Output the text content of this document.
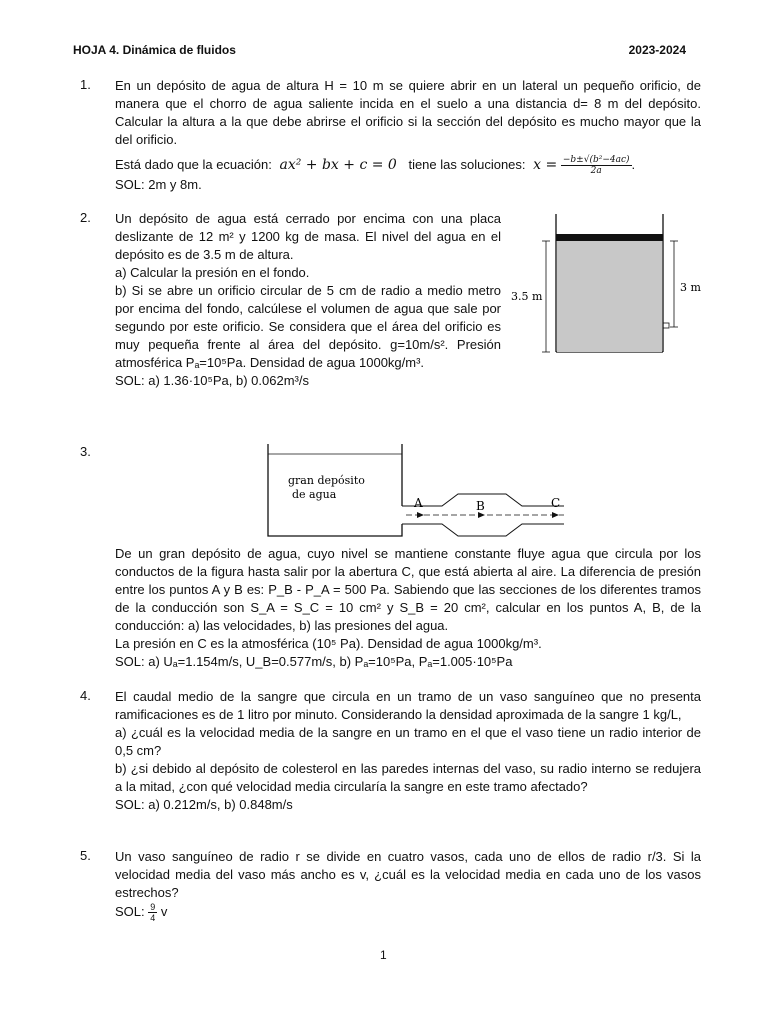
HOJA 4. Dinámica de fluidos	2023-2024
1. En un depósito de agua de altura H = 10 m se quiere abrir en un lateral un pequeño orificio, de manera que el chorro de agua saliente incida en el suelo a una distancia d= 8 m del depósito. Calcular la altura a la que debe abrirse el orificio si la sección del depósito es mucho mayor que la del orificio.
Está dado que la ecuación: ax² + bx + c = 0 tiene las soluciones: $x = \frac{\text{−b±√(b²−4ac)}}{2a}$ .
SOL: 2m y 8m.
2. Un depósito de agua está cerrado por encima con una placa deslizante de 12 m² y 1200 kg de masa. El nivel del agua en el depósito es de 3.5 m de altura.
a) Calcular la presión en el fondo.
b) Si se abre un orificio circular de 5 cm de radio a medio metro por encima del fondo, calcúlese el volumen de agua que sale por segundo por este orificio. Se considera que el área del orificio es muy pequeña frente al área del depósito. g=10m/s². Presión atmosférica Pₐ=10⁵Pa. Densidad de agua 1000kg/m³.
SOL: a) 1.36·10⁵Pa, b) 0.062m³/s
3.5 m
3 m
3.
gran depósito
de agua
A	B	C
De un gran depósito de agua, cuyo nivel se mantiene constante fluye agua que circula por los conductos de la figura hasta salir por la abertura C, que está abierta al aire. La diferencia de presión entre los puntos A y B es: P_B - P_A = 500 Pa. Sabiendo que las secciones de los diferentes tramos de la conducción son S_A = S_C = 10 cm² y S_B = 20 cm², calcular en los puntos A, B, de la conducción: a) las velocidades, b) las presiones del agua.
La presión en C es la atmosférica (10⁵ Pa). Densidad de agua 1000kg/m³.
SOL: a) Uₐ=1.154m/s, U_B=0.577m/s, b) Pₐ=10⁵Pa, Pₐ=1.005·10⁵Pa
4. El caudal medio de la sangre que circula en un tramo de un vaso sanguíneo que no presenta ramificaciones es de 1 litro por minuto. Considerando la densidad aproximada de la sangre 1 kg/L,
a) ¿cuál es la velocidad media de la sangre en un tramo en el que el vaso tiene un radio interior de 0,5 cm?
b) ¿si debido al depósito de colesterol en las paredes internas del vaso, su radio interno se redujera a la mitad, ¿con qué velocidad media circularía la sangre en este tramo afectado?
SOL: a) 0.212m/s, b) 0.848m/s
5. Un vaso sanguíneo de radio r se divide en cuatro vasos, cada uno de ellos de radio r/3. Si la velocidad media del vaso más ancho es v, ¿cuál es la velocidad media en cada uno de los vasos estrechos?
SOL: $\frac{9}{4}$ v
1
